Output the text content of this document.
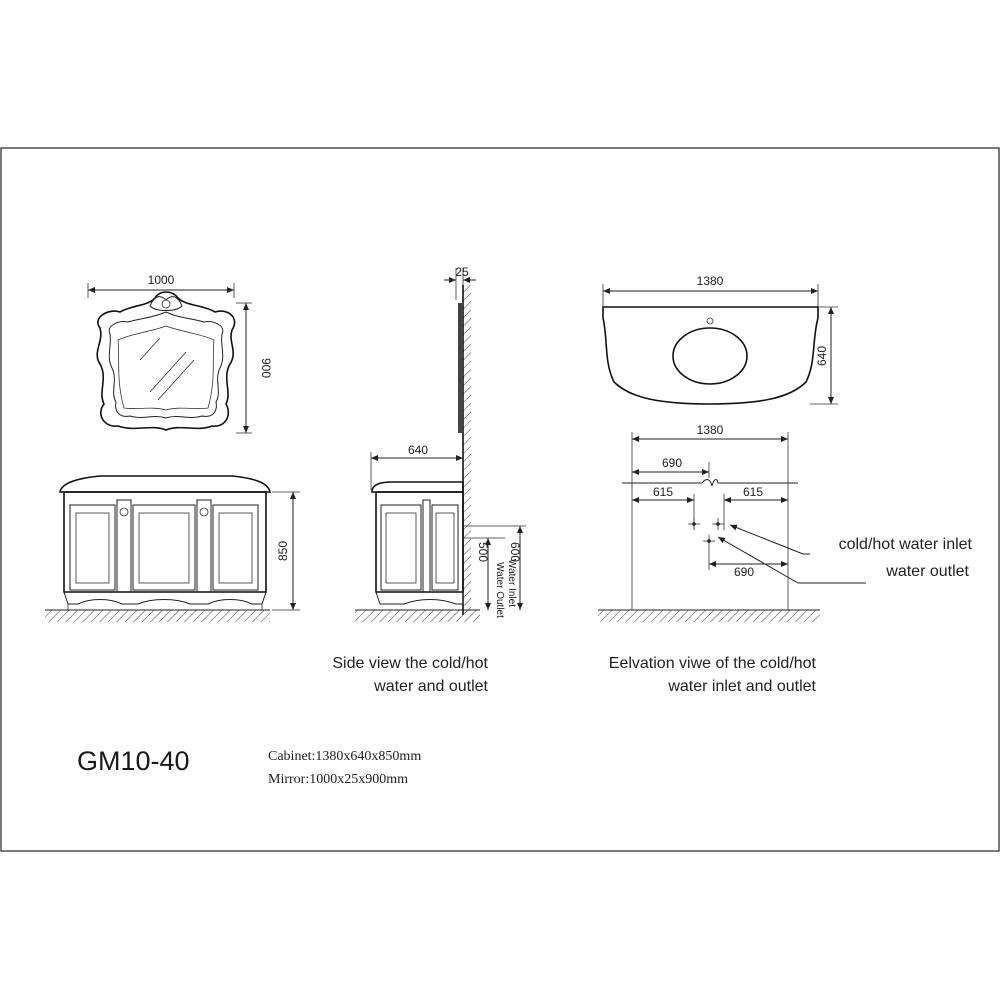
1000
900
850
25
640
500 600
Water Outlet Water Inlet
Side view the cold/hot
water and outlet
1380
640
1380
690
615	615
690
cold/hot water inlet
water outlet
Eelvation viwe of the cold/hot
water inlet and outlet
GM10-40	Cabinet:1380x640x850mm
Mirror:1000x25x900mm
